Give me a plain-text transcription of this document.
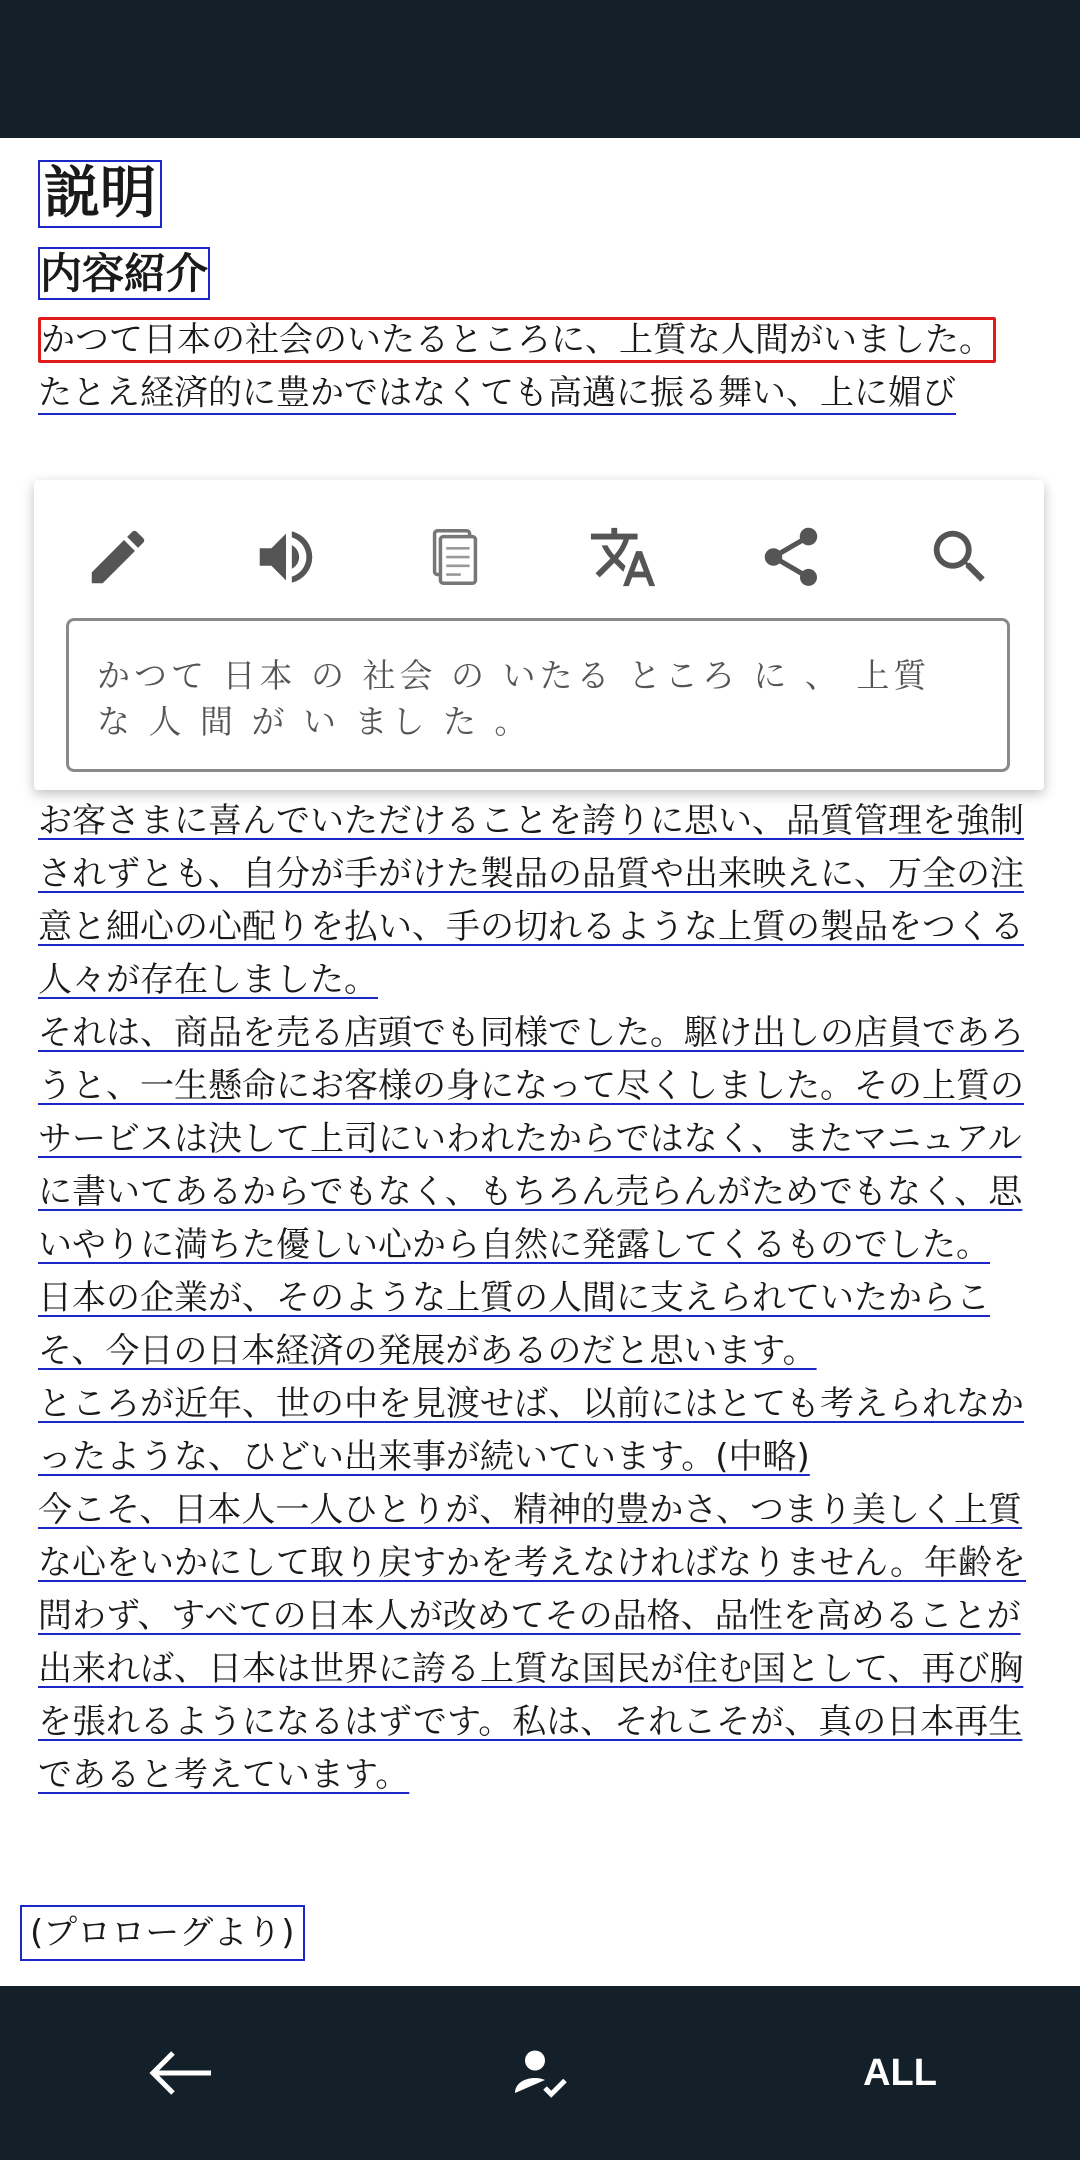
説明
内容紹介

かつて日本の社会のいたるところに、上質な人間がいました。

たとえ経済的に豊かではなくても高邁に振る舞い、上に媚び

お客さまに喜んでいただけることを誇りに思い、品質管理を強制されずとも、自分が手がけた製品の品質や出来映えに、万全の注意と細心の心配りを払い、手の切れるような上質の製品をつくる人々が存在しました。

それは、商品を売る店頭でも同様でした。駆け出しの店員であろうと、一生懸命にお客様の身になって尽くしました。その上質のサービスは決して上司にいわれたからではなく、またマニュアルに書いてあるからでもなく、もちろん売らんがためでもなく、思いやりに満ちた優しい心から自然に発露してくるものでした。

日本の企業が、そのような上質の人間に支えられていたからこそ、今日の日本経済の発展があるのだと思います。

ところが近年、世の中を見渡せば、以前にはとても考えられなかったような、ひどい出来事が続いています。(中略)

今こそ、日本人一人ひとりが、精神的豊かさ、つまり美しく上質な心をいかにして取り戻すかを考えなければなりません。年齢を問わず、すべての日本人が改めてその品格、品性を高めることが出来れば、日本は世界に誇る上質な国民が住む国として、再び胸を張れるようになるはずです。私は、それこそが、真の日本再生であると考えています。

(プロローグより)
かつて 日本 の 社会 の いたる ところ に 、 上質 な 人 間 が い まし た 。
ALL
